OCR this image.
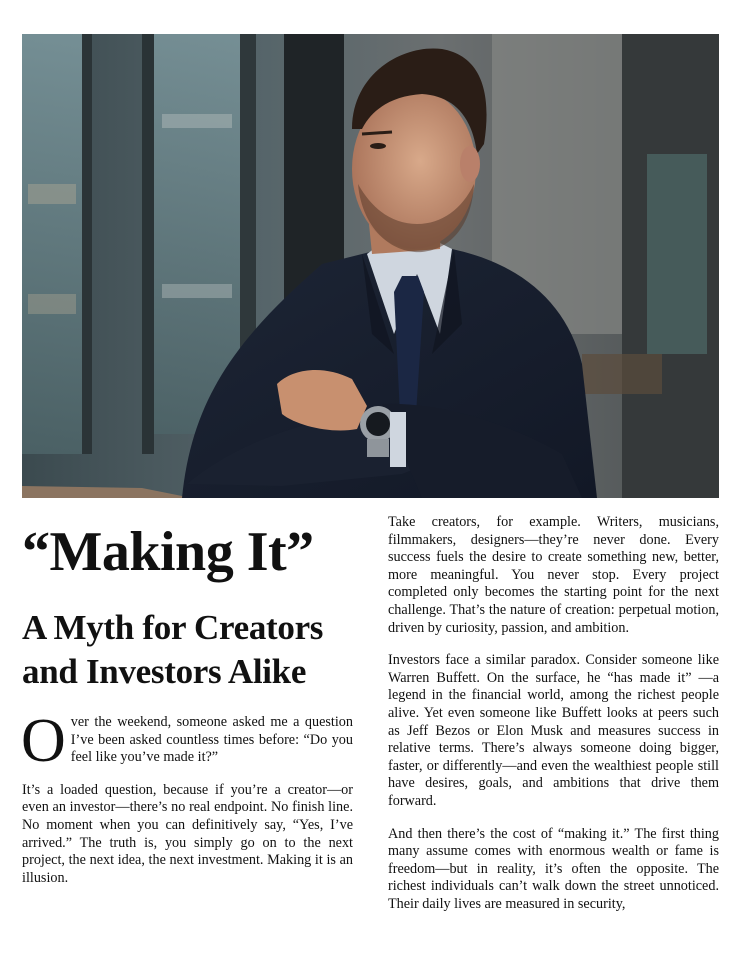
“Making It”
A Myth for Creators and Investors Alike

Over the weekend, someone asked me a question I’ve been asked countless times before: “Do you feel like you’ve made it?”

It’s a loaded question, because if you’re a creator—or even an investor—there’s no real endpoint. No finish line. No moment when you can definitively say, “Yes, I’ve arrived.” The truth is, you simply go on to the next project, the next idea, the next investment. Making it is an illusion.

Take creators, for example. Writers, musicians, filmmakers, designers—they’re never done. Every success fuels the desire to create something new, better, more meaningful. You never stop. Every project completed only becomes the starting point for the next challenge. That’s the nature of creation: perpetual motion, driven by curiosity, passion, and ambition.

Investors face a similar paradox. Consider someone like Warren Buffett. On the surface, he “has made it” —a legend in the financial world, among the richest people alive. Yet even someone like Buffett looks at peers such as Jeff Bezos or Elon Musk and measures success in relative terms. There’s always someone doing bigger, faster, or differently—and even the wealthiest people still have desires, goals, and ambitions that drive them forward.

And then there’s the cost of “making it.” The first thing many assume comes with enormous wealth or fame is freedom—but in reality, it’s often the opposite. The richest individuals can’t walk down the street unnoticed. Their daily lives are measured in security,
